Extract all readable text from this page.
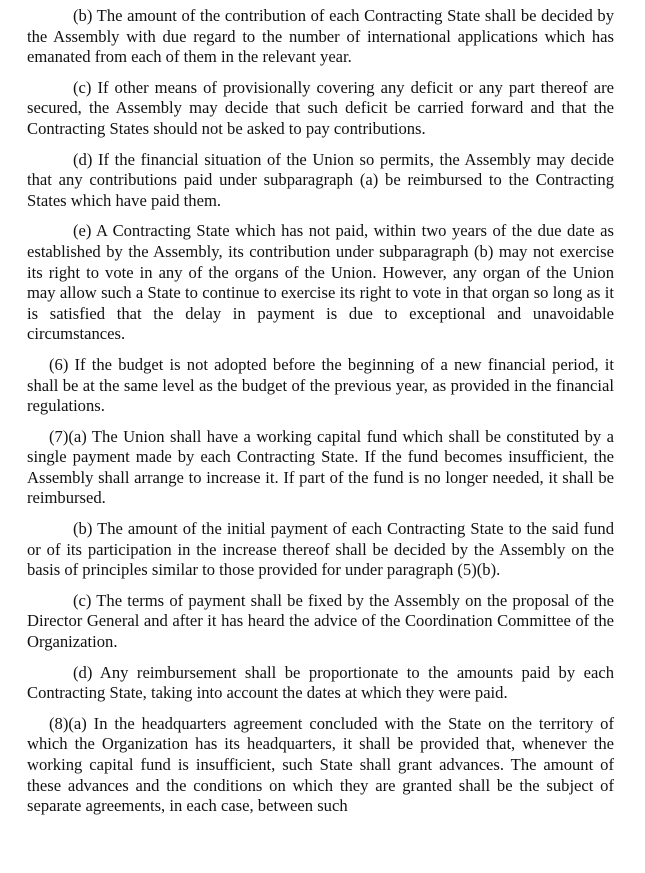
(b) The amount of the contribution of each Contracting State shall be decided by the Assembly with due regard to the number of international applications which has emanated from each of them in the relevant year.

(c) If other means of provisionally covering any deficit or any part thereof are secured, the Assembly may decide that such deficit be carried forward and that the Contracting States should not be asked to pay contributions.

(d) If the financial situation of the Union so permits, the Assembly may decide that any contributions paid under subparagraph (a) be reimbursed to the Contracting States which have paid them.

(e) A Contracting State which has not paid, within two years of the due date as established by the Assembly, its contribution under subparagraph (b) may not exercise its right to vote in any of the organs of the Union. However, any organ of the Union may allow such a State to continue to exercise its right to vote in that organ so long as it is satisfied that the delay in payment is due to exceptional and unavoidable circumstances.

(6) If the budget is not adopted before the beginning of a new financial period, it shall be at the same level as the budget of the previous year, as provided in the financial regulations.

(7)(a) The Union shall have a working capital fund which shall be constituted by a single payment made by each Contracting State. If the fund becomes insufficient, the Assembly shall arrange to increase it. If part of the fund is no longer needed, it shall be reimbursed.

(b) The amount of the initial payment of each Contracting State to the said fund or of its participation in the increase thereof shall be decided by the Assembly on the basis of principles similar to those provided for under paragraph (5)(b).

(c) The terms of payment shall be fixed by the Assembly on the proposal of the Director General and after it has heard the advice of the Coordination Committee of the Organization.

(d) Any reimbursement shall be proportionate to the amounts paid by each Contracting State, taking into account the dates at which they were paid.

(8)(a) In the headquarters agreement concluded with the State on the territory of which the Organization has its headquarters, it shall be provided that, whenever the working capital fund is insufficient, such State shall grant advances. The amount of these advances and the conditions on which they are granted shall be the subject of separate agreements, in each case, between such
